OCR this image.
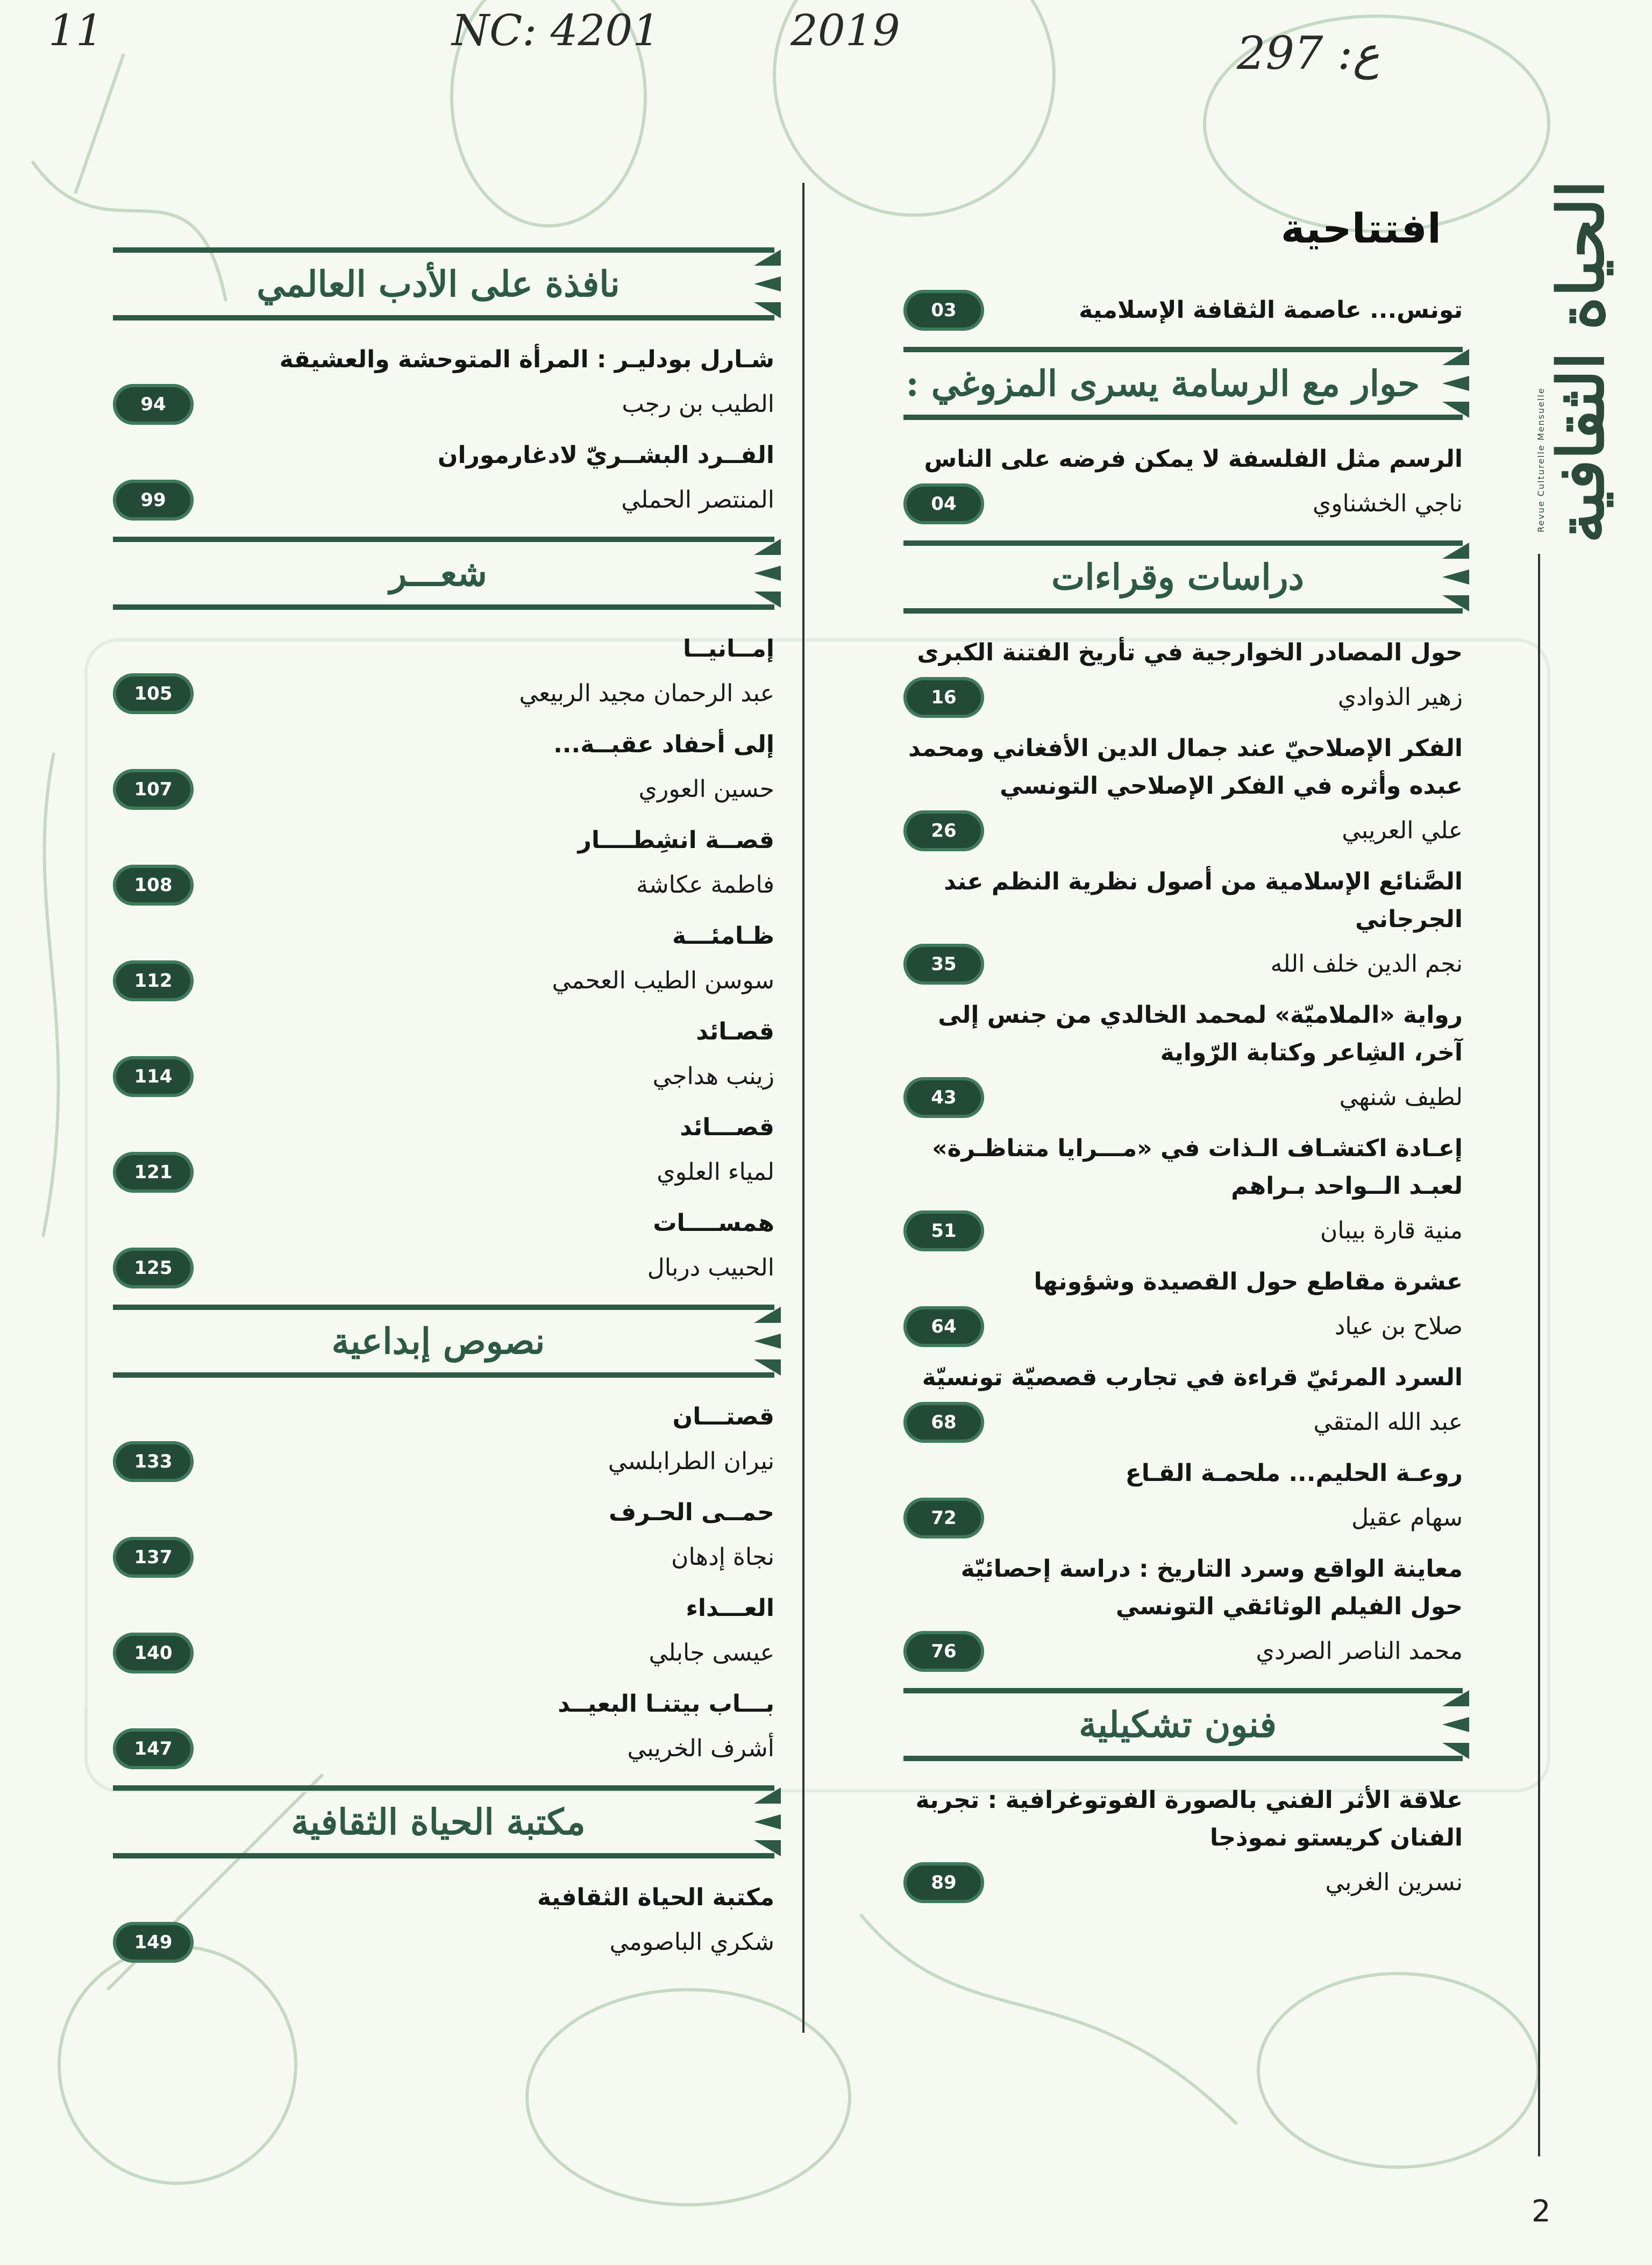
11	NC: 4201	2019	297 :ع
الحياة الثقافية
Revue Culturelle Mensuelle
افتتاحية
تونس... عاصمة الثقافة الإسلامية
03
حوار مع الرسامة يسرى المزوغي :
الرسم مثل الفلسفة لا يمكن فرضه على الناس
ناجي الخشناوي
04
دراسات وقراءات
حول المصادر الخوارجية في تأريخ الفتنة الكبرى
زهير الذوادي
16
الفكر الإصلاحيّ عند جمال الدين الأفغاني ومحمد عبده وأثره في الفكر الإصلاحي التونسي
علي العريبي
26
الصَّنائع الإسلامية من أصول نظرية النظم عند الجرجاني
نجم الدين خلف الله
35
رواية «الملاميّة» لمحمد الخالدي من جنس إلى آخر، الشِاعر وكتابة الرّواية
لطيف شنهي
43
إعـادة اكتشـاف الـذات في «مـــرايا متناظـرة» لعبـد الــواحد بـراهم
منية قارة بيبان
51
عشرة مقاطع حول القصيدة وشؤونها
صلاح بن عياد
64
السرد المرئيّ قراءة في تجارب قصصيّة تونسيّة
عبد الله المتقي
68
روعـة الحليم... ملحمـة القـاع
سهام عقيل
72
معاينة الواقع وسرد التاريخ : دراسة إحصائيّة حول الفيلم الوثائقي التونسي
محمد الناصر الصردي
76
فنون تشكيلية
علاقة الأثر الفني بالصورة الفوتوغرافية : تجربة الفنان كريستو نموذجا
نسرين الغربي
89
نافذة على الأدب العالمي
شـارل بودليـر : المرأة المتوحشة والعشيقة
الطيب بن رجب
94
الفــرد البشــريّ لادغارموران
المنتصر الحملي
99
شعـــر
إمــانيــا
عبد الرحمان مجيد الربيعي
105
إلى أحفاد عقبــة...
حسين العوري
107
قصــة انشِطــــار
فاطمة عكاشة
108
ظـامئـــة
سوسن الطيب العحمي
112
قصـائد
زينب هداجي
114
قصـــائد
لمياء العلوي
121
همســــات
الحبيب دربال
125
نصوص إبداعية
قصتـــان
نيران الطرابلسي
133
حمــى الحـرف
نجاة إدهان
137
العـــداء
عيسى جابلي
140
بـــاب بيتنـا البعيــد
أشرف الخريبي
147
مكتبة الحياة الثقافية
مكتبة الحياة الثقافية
شكري الباصومي
149
2
